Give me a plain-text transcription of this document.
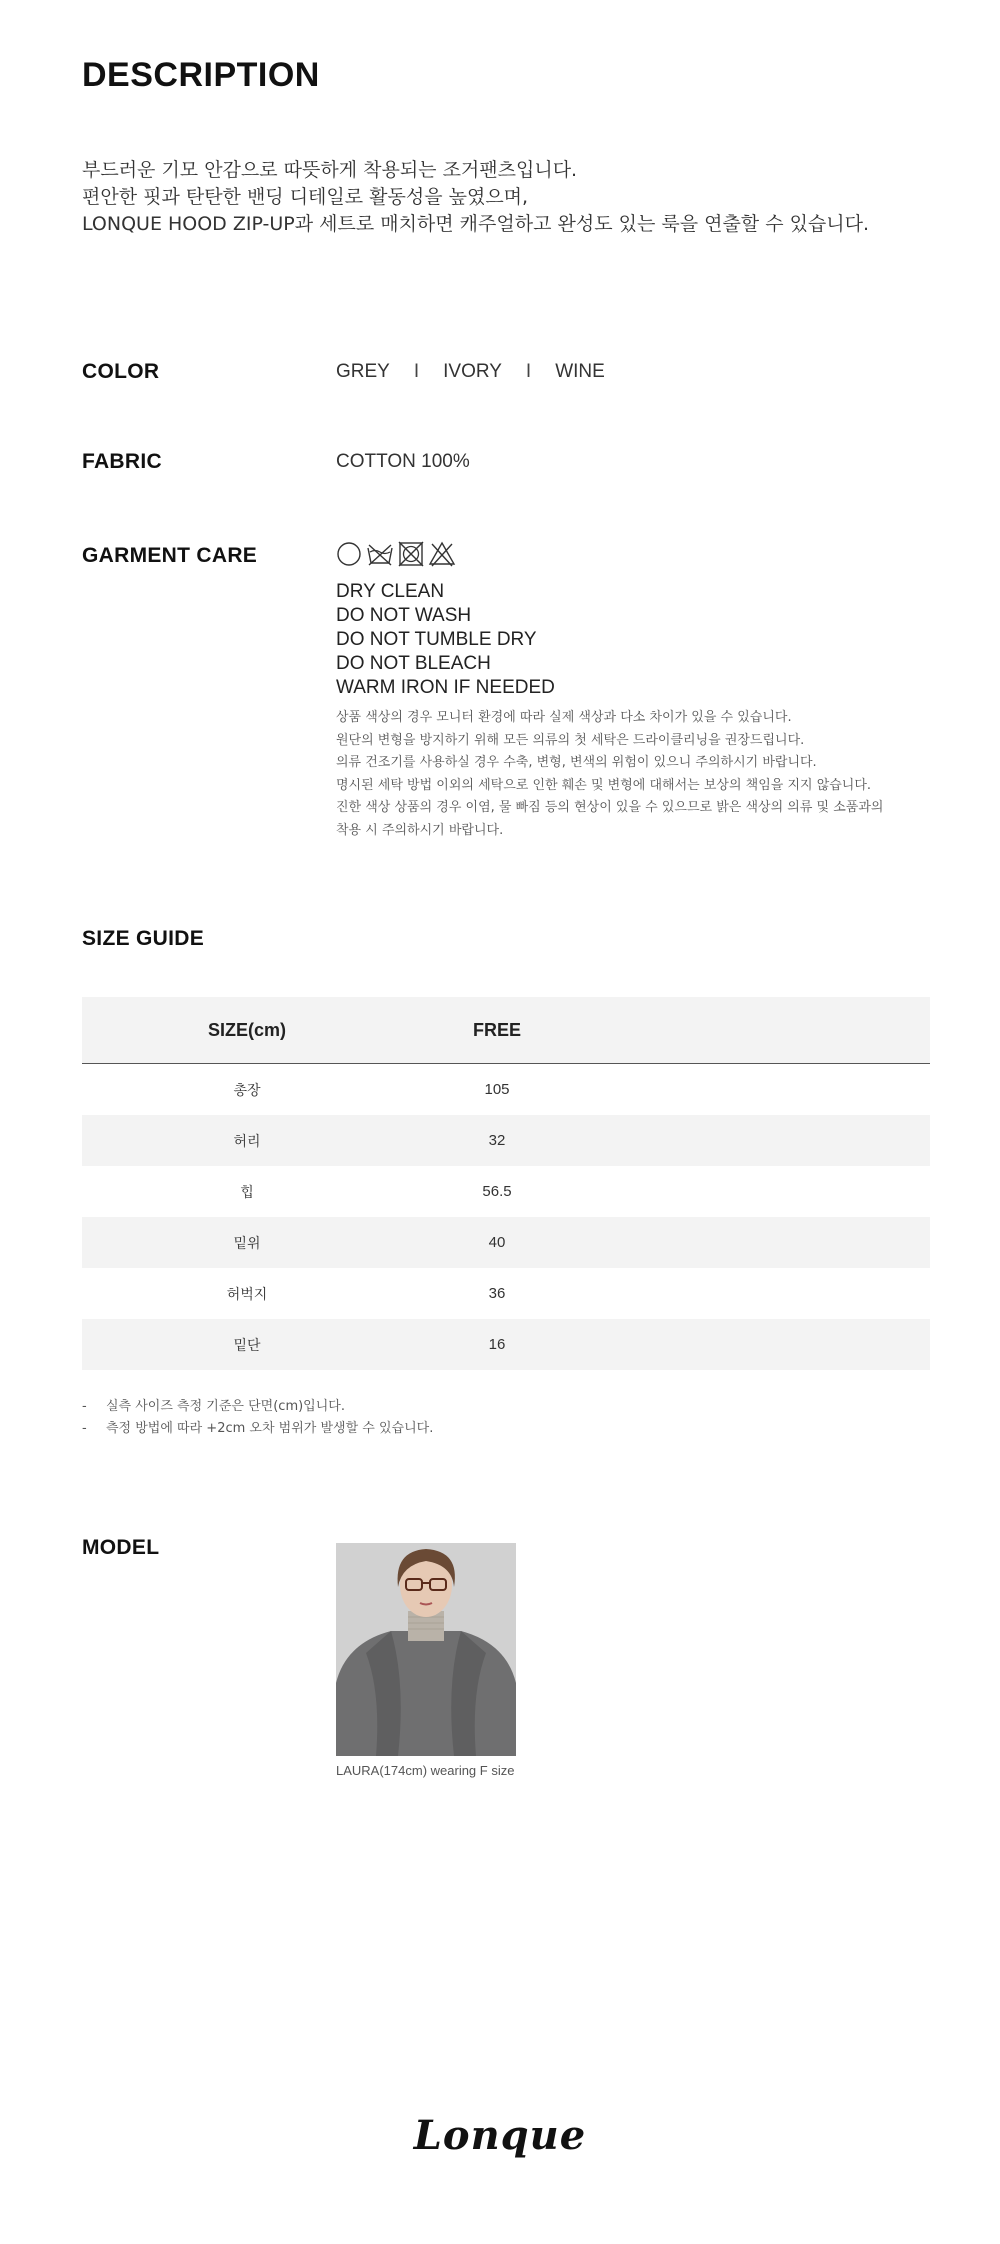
DESCRIPTION
부드러운 기모 안감으로 따뜻하게 착용되는 조거팬츠입니다.
편안한 핏과 탄탄한 밴딩 디테일로 활동성을 높였으며,
LONQUE HOOD ZIP-UP과 세트로 매치하면 캐주얼하고 완성도 있는 룩을 연출할 수 있습니다.
COLOR	GREY I IVORY I WINE
FABRIC	COTTON 100%
GARMENT CARE
DRY CLEAN
DO NOT WASH
DO NOT TUMBLE DRY
DO NOT BLEACH
WARM IRON IF NEEDED
상품 색상의 경우 모니터 환경에 따라 실제 색상과 다소 차이가 있을 수 있습니다.
원단의 변형을 방지하기 위해 모든 의류의 첫 세탁은 드라이클리닝을 권장드립니다.
의류 건조기를 사용하실 경우 수축, 변형, 변색의 위험이 있으니 주의하시기 바랍니다.
명시된 세탁 방법 이외의 세탁으로 인한 훼손 및 변형에 대해서는 보상의 책임을 지지 않습니다.
진한 색상 상품의 경우 이염, 물 빠짐 등의 현상이 있을 수 있으므로 밝은 색상의 의류 및 소품과의
착용 시 주의하시기 바랍니다.
SIZE GUIDE
SIZE(cm)	FREE
총장	105
허리	32
힙	56.5
밑위	40
허벅지	36
밑단	16
-	실측 사이즈 측정 기준은 단면(cm)입니다.
-	측정 방법에 따라 +2cm 오차 범위가 발생할 수 있습니다.
MODEL
LAURA(174cm) wearing F size
Lonque
